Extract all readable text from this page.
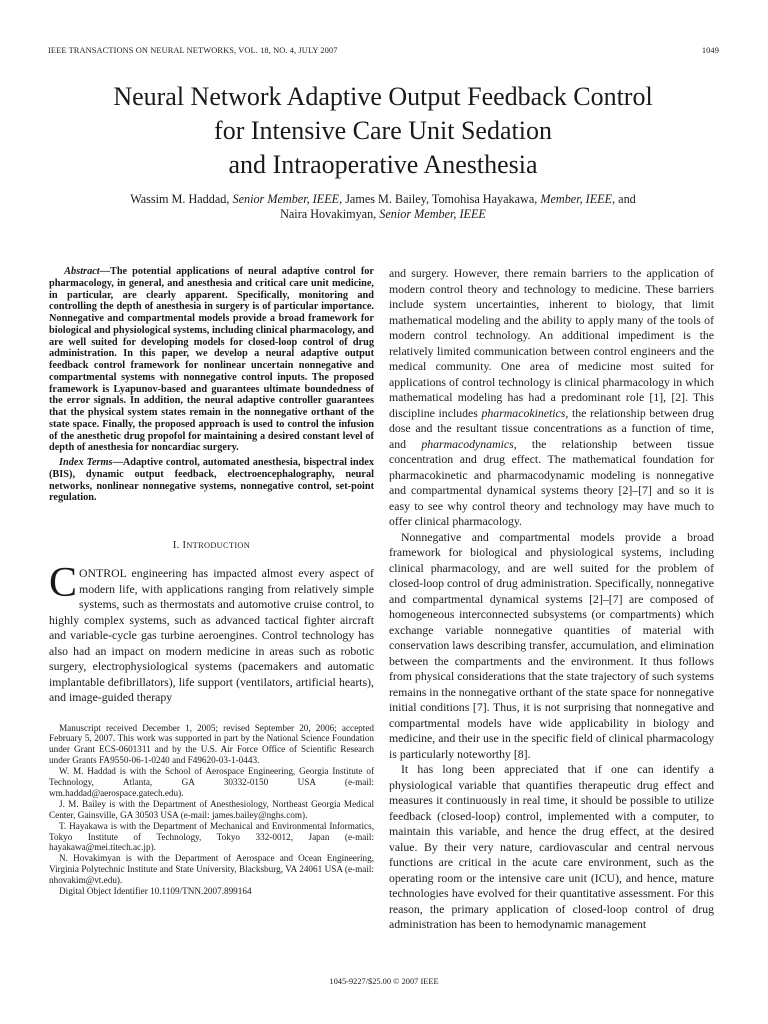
IEEE TRANSACTIONS ON NEURAL NETWORKS, VOL. 18, NO. 4, JULY 2007	1049
Neural Network Adaptive Output Feedback Control
for Intensive Care Unit Sedation
and Intraoperative Anesthesia
Wassim M. Haddad, Senior Member, IEEE, James M. Bailey, Tomohisa Hayakawa, Member, IEEE, and
Naira Hovakimyan, Senior Member, IEEE
Abstract—The potential applications of neural adaptive control for pharmacology, in general, and anesthesia and critical care unit medicine, in particular, are clearly apparent. Specifically, monitoring and controlling the depth of anesthesia in surgery is of particular importance. Nonnegative and compartmental models provide a broad framework for biological and physiological systems, including clinical pharmacology, and are well suited for developing models for closed-loop control of drug administration. In this paper, we develop a neural adaptive output feedback control framework for nonlinear uncertain nonnegative and compartmental systems with nonnegative control inputs. The proposed framework is Lyapunov-based and guarantees ultimate boundedness of the error signals. In addition, the neural adaptive controller guarantees that the physical system states remain in the nonnegative orthant of the state space. Finally, the proposed approach is used to control the infusion of the anesthetic drug propofol for maintaining a desired constant level of depth of anesthesia for noncardiac surgery.
Index Terms—Adaptive control, automated anesthesia, bispectral index (BIS), dynamic output feedback, electroencephalography, neural networks, nonlinear nonnegative systems, nonnegative control, set-point regulation.
I. INTRODUCTION

CONTROL engineering has impacted almost every aspect of modern life, with applications ranging from relatively simple systems, such as thermostats and automotive cruise control, to highly complex systems, such as advanced tactical fighter aircraft and variable-cycle gas turbine aeroengines. Control technology has also had an impact on modern medicine in areas such as robotic surgery, electrophysiological systems (pacemakers and automatic implantable defibrillators), life support (ventilators, artificial hearts), and image-guided therapy

Manuscript received December 1, 2005; revised September 20, 2006; accepted February 5, 2007. This work was supported in part by the National Science Foundation under Grant ECS-0601311 and by the U.S. Air Force Office of Scientific Research under Grants FA9550-06-1-0240 and F49620-03-1-0443.

W. M. Haddad is with the School of Aerospace Engineering, Georgia Institute of Technology, Atlanta, GA 30332-0150 USA (e-mail: wm.haddad@aerospace.gatech.edu).

J. M. Bailey is with the Department of Anesthesiology, Northeast Georgia Medical Center, Gainsville, GA 30503 USA (e-mail: james.bailey@nghs.com).

T. Hayakawa is with the Department of Mechanical and Environmental Informatics, Tokyo Institute of Technology, Tokyo 332-0012, Japan (e-mail: hayakawa@mei.titech.ac.jp).

N. Hovakimyan is with the Department of Aerospace and Ocean Engineering, Virginia Polytechnic Institute and State University, Blacksburg, VA 24061 USA (e-mail: nhovakim@vt.edu).

Digital Object Identifier 10.1109/TNN.2007.899164

and surgery. However, there remain barriers to the application of modern control theory and technology to medicine. These barriers include system uncertainties, inherent to biology, that limit mathematical modeling and the ability to apply many of the tools of modern control technology. An additional impediment is the relatively limited communication between control engineers and the medical community. One area of medicine most suited for applications of control technology is clinical pharmacology in which mathematical modeling has had a predominant role [1], [2]. This discipline includes pharmacokinetics, the relationship between drug dose and the resultant tissue concentrations as a function of time, and pharmacodynamics, the relationship between tissue concentration and drug effect. The mathematical foundation for pharmacokinetic and pharmacodynamic modeling is nonnegative and compartmental dynamical systems theory [2]–[7] and so it is easy to see why control theory and technology may have much to offer clinical pharmacology.

Nonnegative and compartmental models provide a broad framework for biological and physiological systems, including clinical pharmacology, and are well suited for the problem of closed-loop control of drug administration. Specifically, nonnegative and compartmental dynamical systems [2]–[7] are composed of homogeneous interconnected subsystems (or compartments) which exchange variable nonnegative quantities of material with conservation laws describing transfer, accumulation, and elimination between the compartments and the environment. It thus follows from physical considerations that the state trajectory of such systems remains in the nonnegative orthant of the state space for nonnegative initial conditions [7]. Thus, it is not surprising that nonnegative and compartmental models have wide applicability in biology and medicine, and their use in the specific field of clinical pharmacology is particularly noteworthy [8].

It has long been appreciated that if one can identify a physiological variable that quantifies therapeutic drug effect and measures it continuously in real time, it should be possible to utilize feedback (closed-loop) control, implemented with a computer, to maintain this variable, and hence the drug effect, at the desired value. By their very nature, cardiovascular and central nervous functions are critical in the acute care environment, such as the operating room or the intensive care unit (ICU), and hence, mature technologies have evolved for their quantitative assessment. For this reason, the primary application of closed-loop control of drug administration has been to hemodynamic management

1045-9227/$25.00 © 2007 IEEE
